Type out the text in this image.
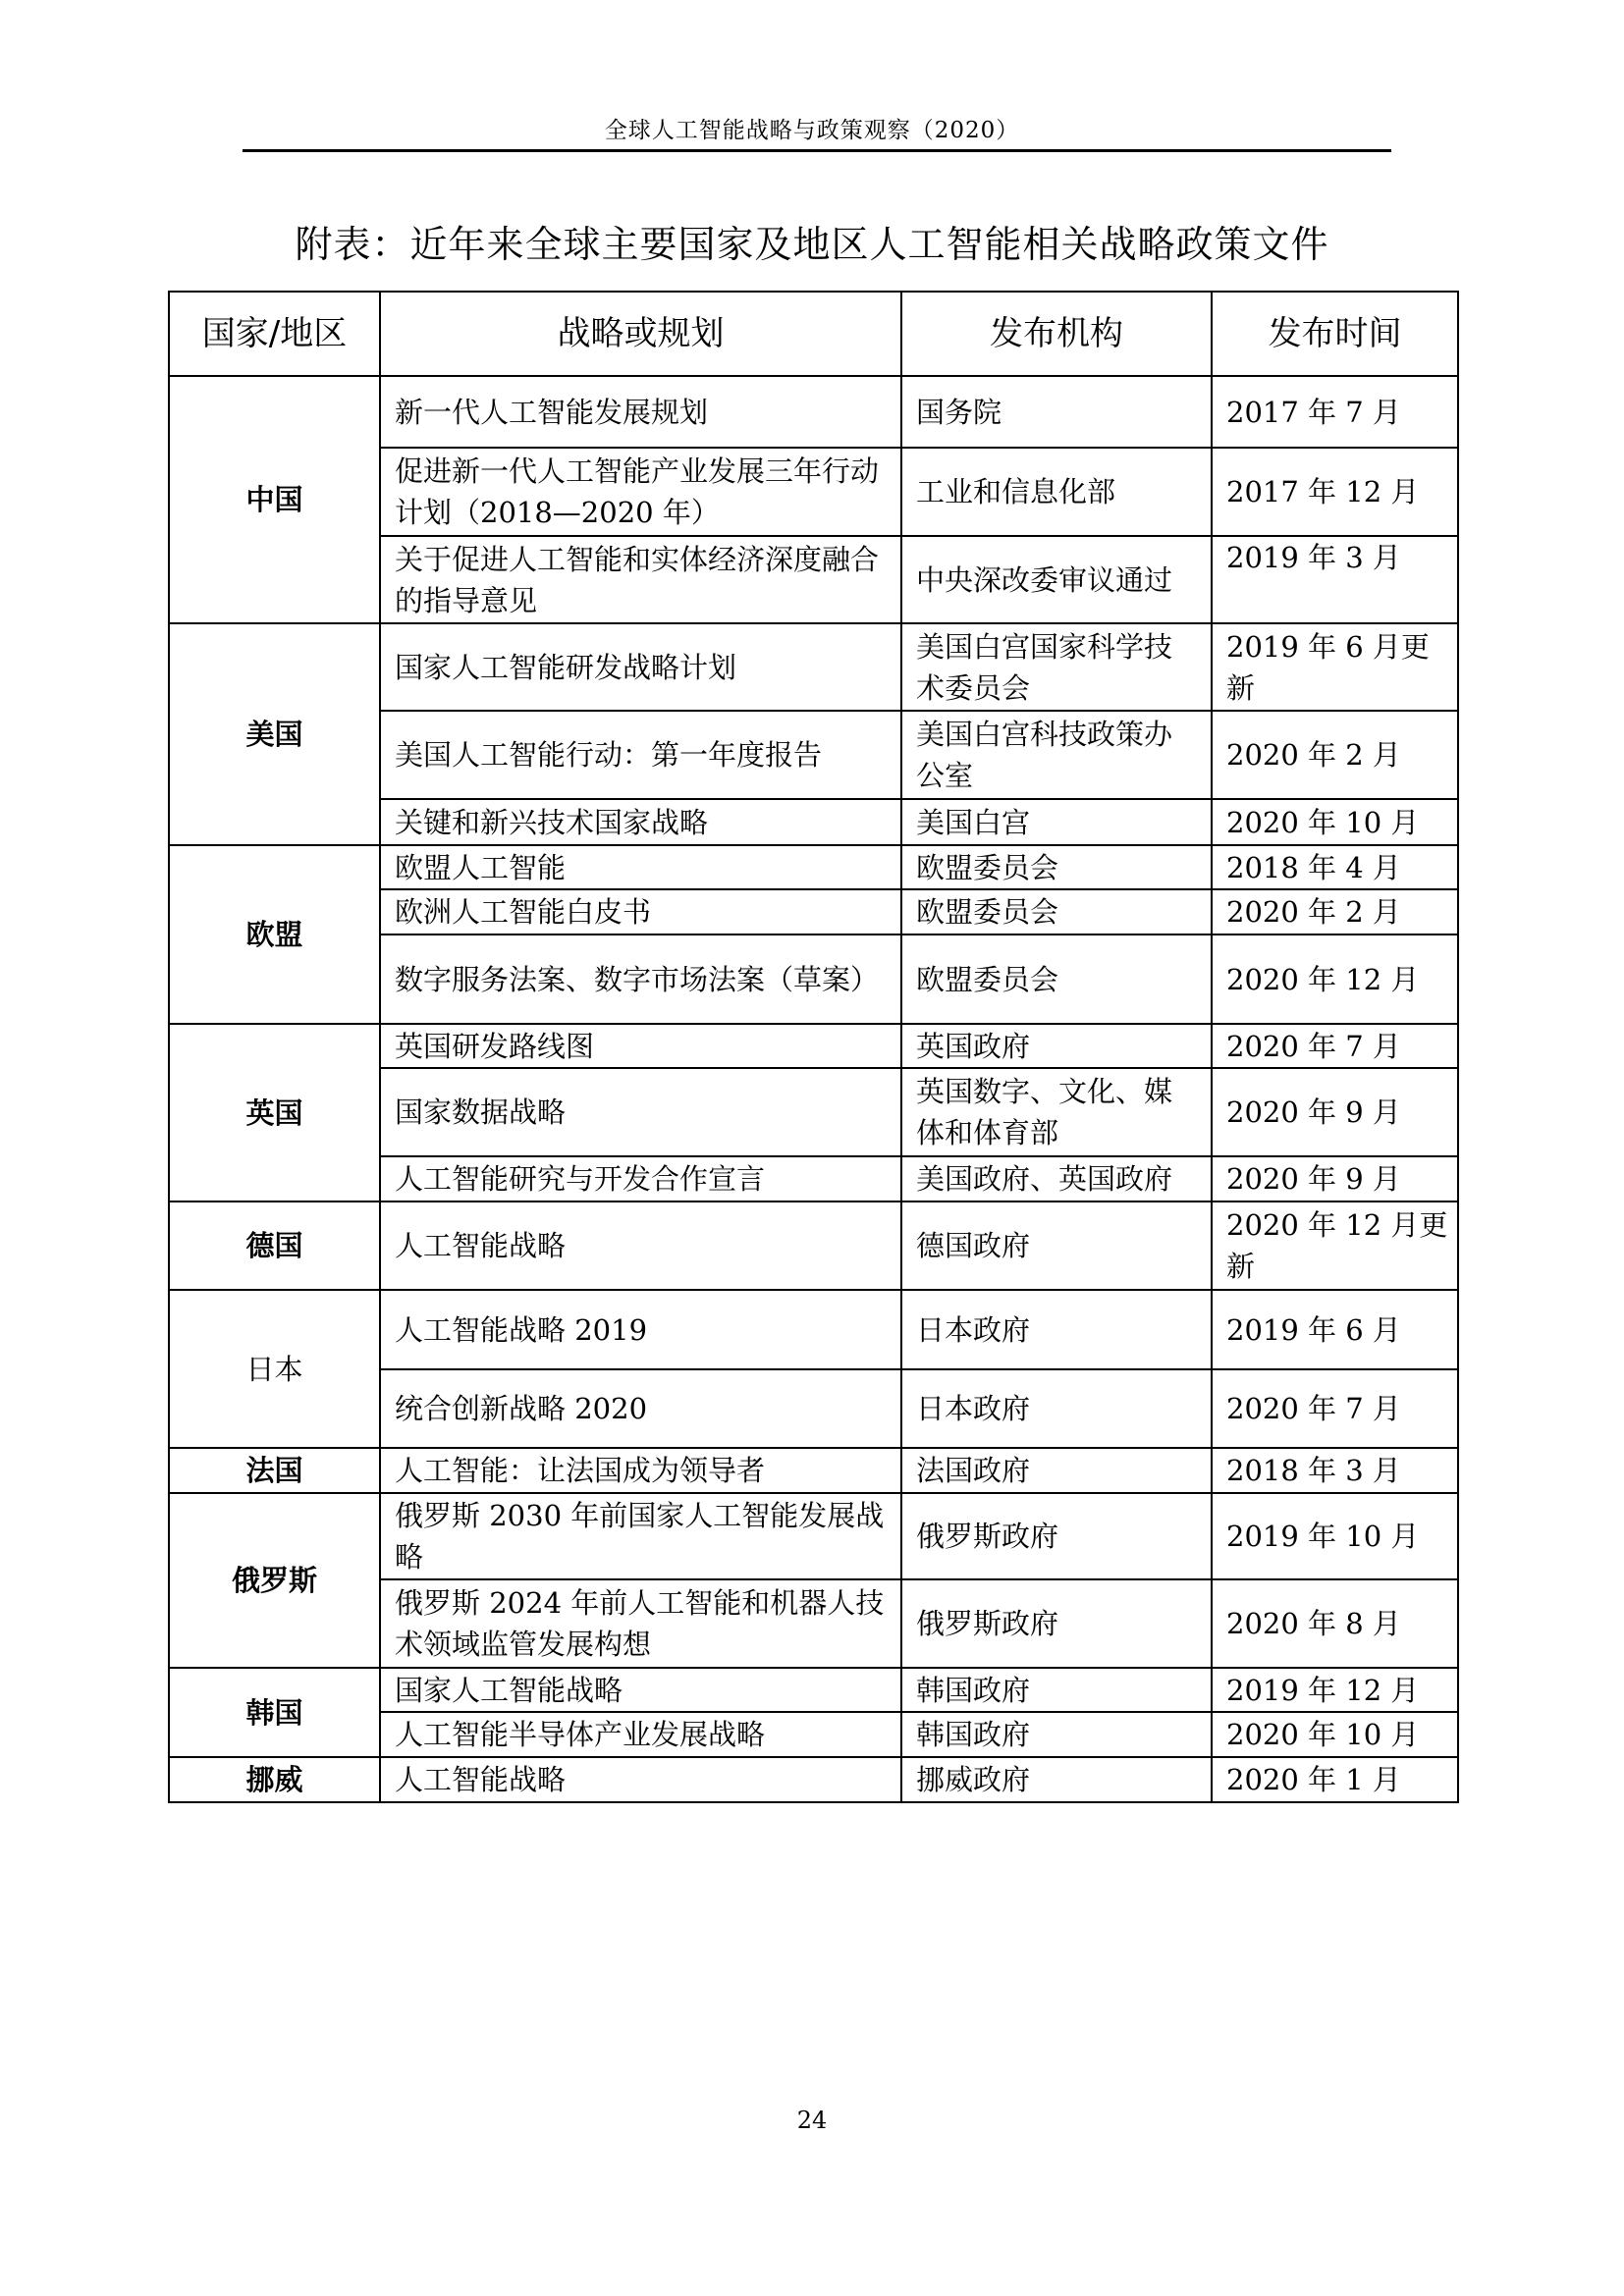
全球人工智能战略与政策观察（2020）
附表：近年来全球主要国家及地区人工智能相关战略政策文件
国家/地区	战略或规划	发布机构	发布时间
中国	新一代人工智能发展规划	国务院	2017 年 7 月
	促进新一代人工智能产业发展三年行动计划（2018—2020 年）	工业和信息化部	2017 年 12 月
	关于促进人工智能和实体经济深度融合的指导意见	中央深改委审议通过	2019 年 3 月
美国	国家人工智能研发战略计划	美国白宫国家科学技术委员会	2019 年 6 月更新
	美国人工智能行动：第一年度报告	美国白宫科技政策办公室	2020 年 2 月
	关键和新兴技术国家战略	美国白宫	2020 年 10 月
欧盟	欧盟人工智能	欧盟委员会	2018 年 4 月
	欧洲人工智能白皮书	欧盟委员会	2020 年 2 月
	数字服务法案、数字市场法案（草案）	欧盟委员会	2020 年 12 月
英国	英国研发路线图	英国政府	2020 年 7 月
	国家数据战略	英国数字、文化、媒体和体育部	2020 年 9 月
	人工智能研究与开发合作宣言	美国政府、英国政府	2020 年 9 月
德国	人工智能战略	德国政府	2020 年 12 月更新
日本	人工智能战略 2019	日本政府	2019 年 6 月
	统合创新战略 2020	日本政府	2020 年 7 月
法国	人工智能：让法国成为领导者	法国政府	2018 年 3 月
俄罗斯	俄罗斯 2030 年前国家人工智能发展战略	俄罗斯政府	2019 年 10 月
	俄罗斯 2024 年前人工智能和机器人技术领域监管发展构想	俄罗斯政府	2020 年 8 月
韩国	国家人工智能战略	韩国政府	2019 年 12 月
	人工智能半导体产业发展战略	韩国政府	2020 年 10 月
挪威	人工智能战略	挪威政府	2020 年 1 月
24
